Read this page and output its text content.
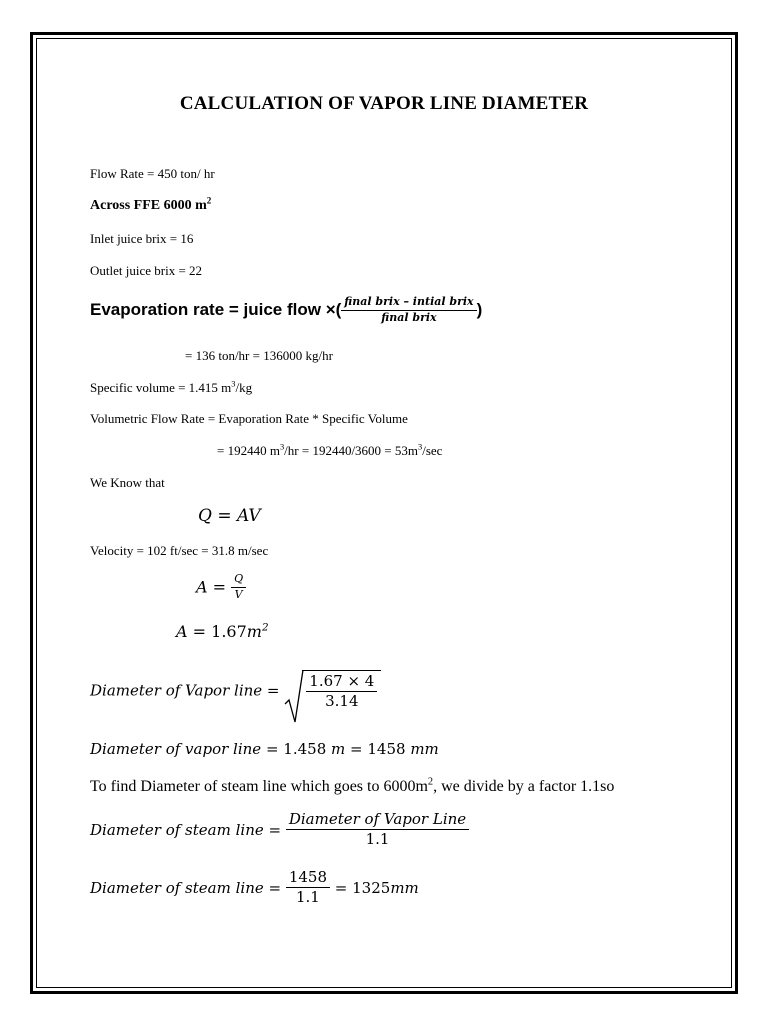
CALCULATION OF VAPOR LINE DIAMETER
Flow Rate = 450 ton/ hr
Across FFE 6000 $m^2$
Inlet juice brix = 16
Outlet juice brix = 22
Evaporation rate = juice flow ×( $\frac{\text{final brix – intial brix}}{\text{final brix}}$ )
= 136 ton/hr = 136000 kg/hr
Specific volume = 1.415 $m^3/kg$
Volumetric Flow Rate = Evaporation Rate * Specific Volume
= 192440 $m^3/hr = 192440/3600 = 53m^3/\sec$
We Know that
Q = AV
Velocity = 102 ft/sec = 31.8 m/sec
$A = \frac{Q}{V}$
$A = 1.67m^2$
Diameter of Vapor line = $\frac{1.67 \times 4}{3.14}$
Diameter of vapor line = 1.458 m = 1458 mm
To find Diameter of steam line which goes to $6000m^2$, we divide by a factor 1.1so
Diameter of steam line = $\frac{\text{Diameter of Vapor Line}}{1.1}$
Diameter of steam line = $\frac{1458}{1.1} = 1325mm$
